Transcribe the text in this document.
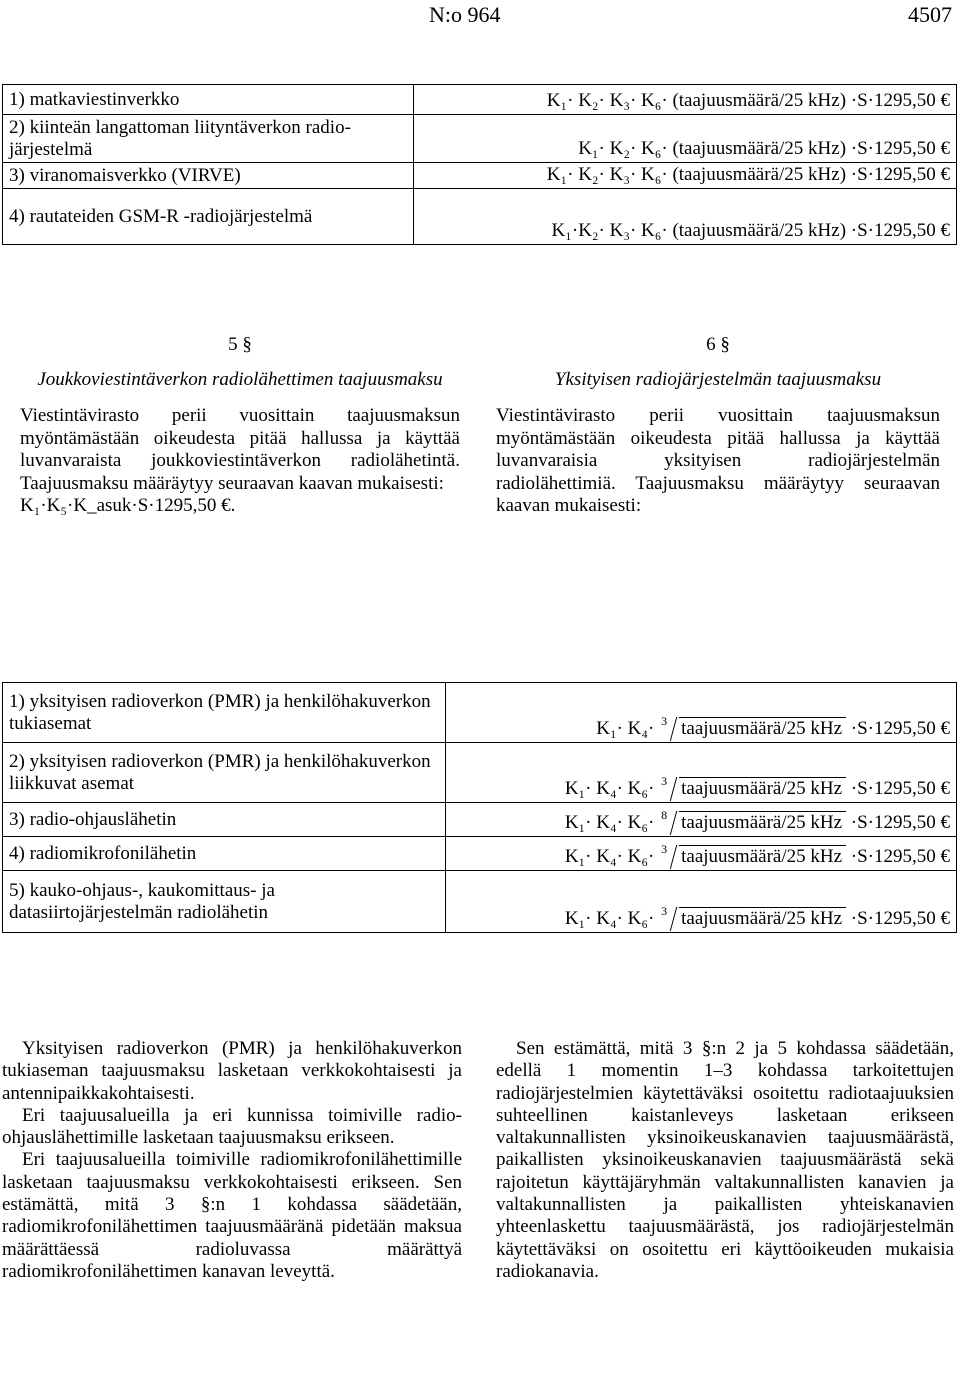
N:o 964	4507
1) matkaviestinverkko	K₁· K₂· K₃· K₆· (taajuusmäärä/25 kHz) ·S·1295,50 €
2) kiinteän langattoman liityntäverkon radio-järjestelmä	K₁· K₂· K₆· (taajuusmäärä/25 kHz) ·S·1295,50 €
3) viranomaisverkko (VIRVE)	K₁· K₂· K₃· K₆· (taajuusmäärä/25 kHz) ·S·1295,50 €
4) rautateiden GSM-R -radiojärjestelmä	K₁·K₂· K₃· K₆· (taajuusmäärä/25 kHz) ·S·1295,50 €

5 §

Joukkoviestintäverkon radiolähettimen taajuusmaksu

Viestintävirasto perii vuosittain taajuusmaksun myöntämästään oikeudesta pitää hallussa ja käyttää luvanvaraista joukkoviestintäverkon radiolähetintä. Taajuusmaksu määräytyy seuraavan kaavan mukaisesti:

K₁·K₅·K_asuk·S·1295,50 €.

6 §

Yksityisen radiojärjestelmän taajuusmaksu

Viestintävirasto perii vuosittain taajuusmaksun myöntämästään oikeudesta pitää hallussa ja käyttää luvanvaraisia yksityisen radiojärjestelmän radiolähettimiä. Taajuusmaksu määräytyy seuraavan kaavan mukaisesti:

1) yksityisen radioverkon (PMR) ja henkilöhakuverkon tukiasemat	K₁· K₄· 3 taajuusmäärä/25 kHz ·S·1295,50 €
2) yksityisen radioverkon (PMR) ja henkilöhakuverkon liikkuvat asemat	K₁· K₄· K₆· 3 taajuusmäärä/25 kHz ·S·1295,50 €
3) radio-ohjauslähetin	K₁· K₄· K₆· 8 taajuusmäärä/25 kHz ·S·1295,50 €
4) radiomikrofonilähetin	K₁· K₄· K₆· 3 taajuusmäärä/25 kHz ·S·1295,50 €
5) kauko-ohjaus-, kaukomittaus- ja datasiirtojärjestelmän radiolähetin	K₁· K₄· K₆· 3 taajuusmäärä/25 kHz ·S·1295,50 €

Yksityisen radioverkon (PMR) ja henkilöhakuverkon tukiaseman taajuusmaksu lasketaan verkkokohtaisesti ja antennipaikkakohtaisesti.

Eri taajuusalueilla ja eri kunnissa toimiville radio-ohjauslähettimille lasketaan taajuusmaksu erikseen.

Eri taajuusalueilla toimiville radiomikrofonilähettimille lasketaan taajuusmaksu verkkokohtaisesti erikseen. Sen estämättä, mitä 3 §:n 1 kohdassa säädetään, radiomikrofonilähettimen taajuusmääränä pidetään maksua määrättäessä radioluvassa määrättyä radiomikrofonilähettimen kanavan leveyttä.

Sen estämättä, mitä 3 §:n 2 ja 5 kohdassa säädetään, edellä 1 momentin 1–3 kohdassa tarkoitettujen radiojärjestelmien käytettäväksi osoitettu radiotaajuuksien suhteellinen kaistanleveys lasketaan erikseen valtakunnallisten yksinoikeuskanavien taajuusmäärästä, paikallisten yksinoikeuskanavien taajuusmäärästä sekä rajoitetun käyttäjäryhmän valtakunnallisten kanavien ja valtakunnallisten ja paikallisten yhteiskanavien yhteenlaskettu taajuusmäärästä, jos radiojärjestelmän käytettäväksi on osoitettu eri käyttöoikeuden mukaisia radiokanavia.
